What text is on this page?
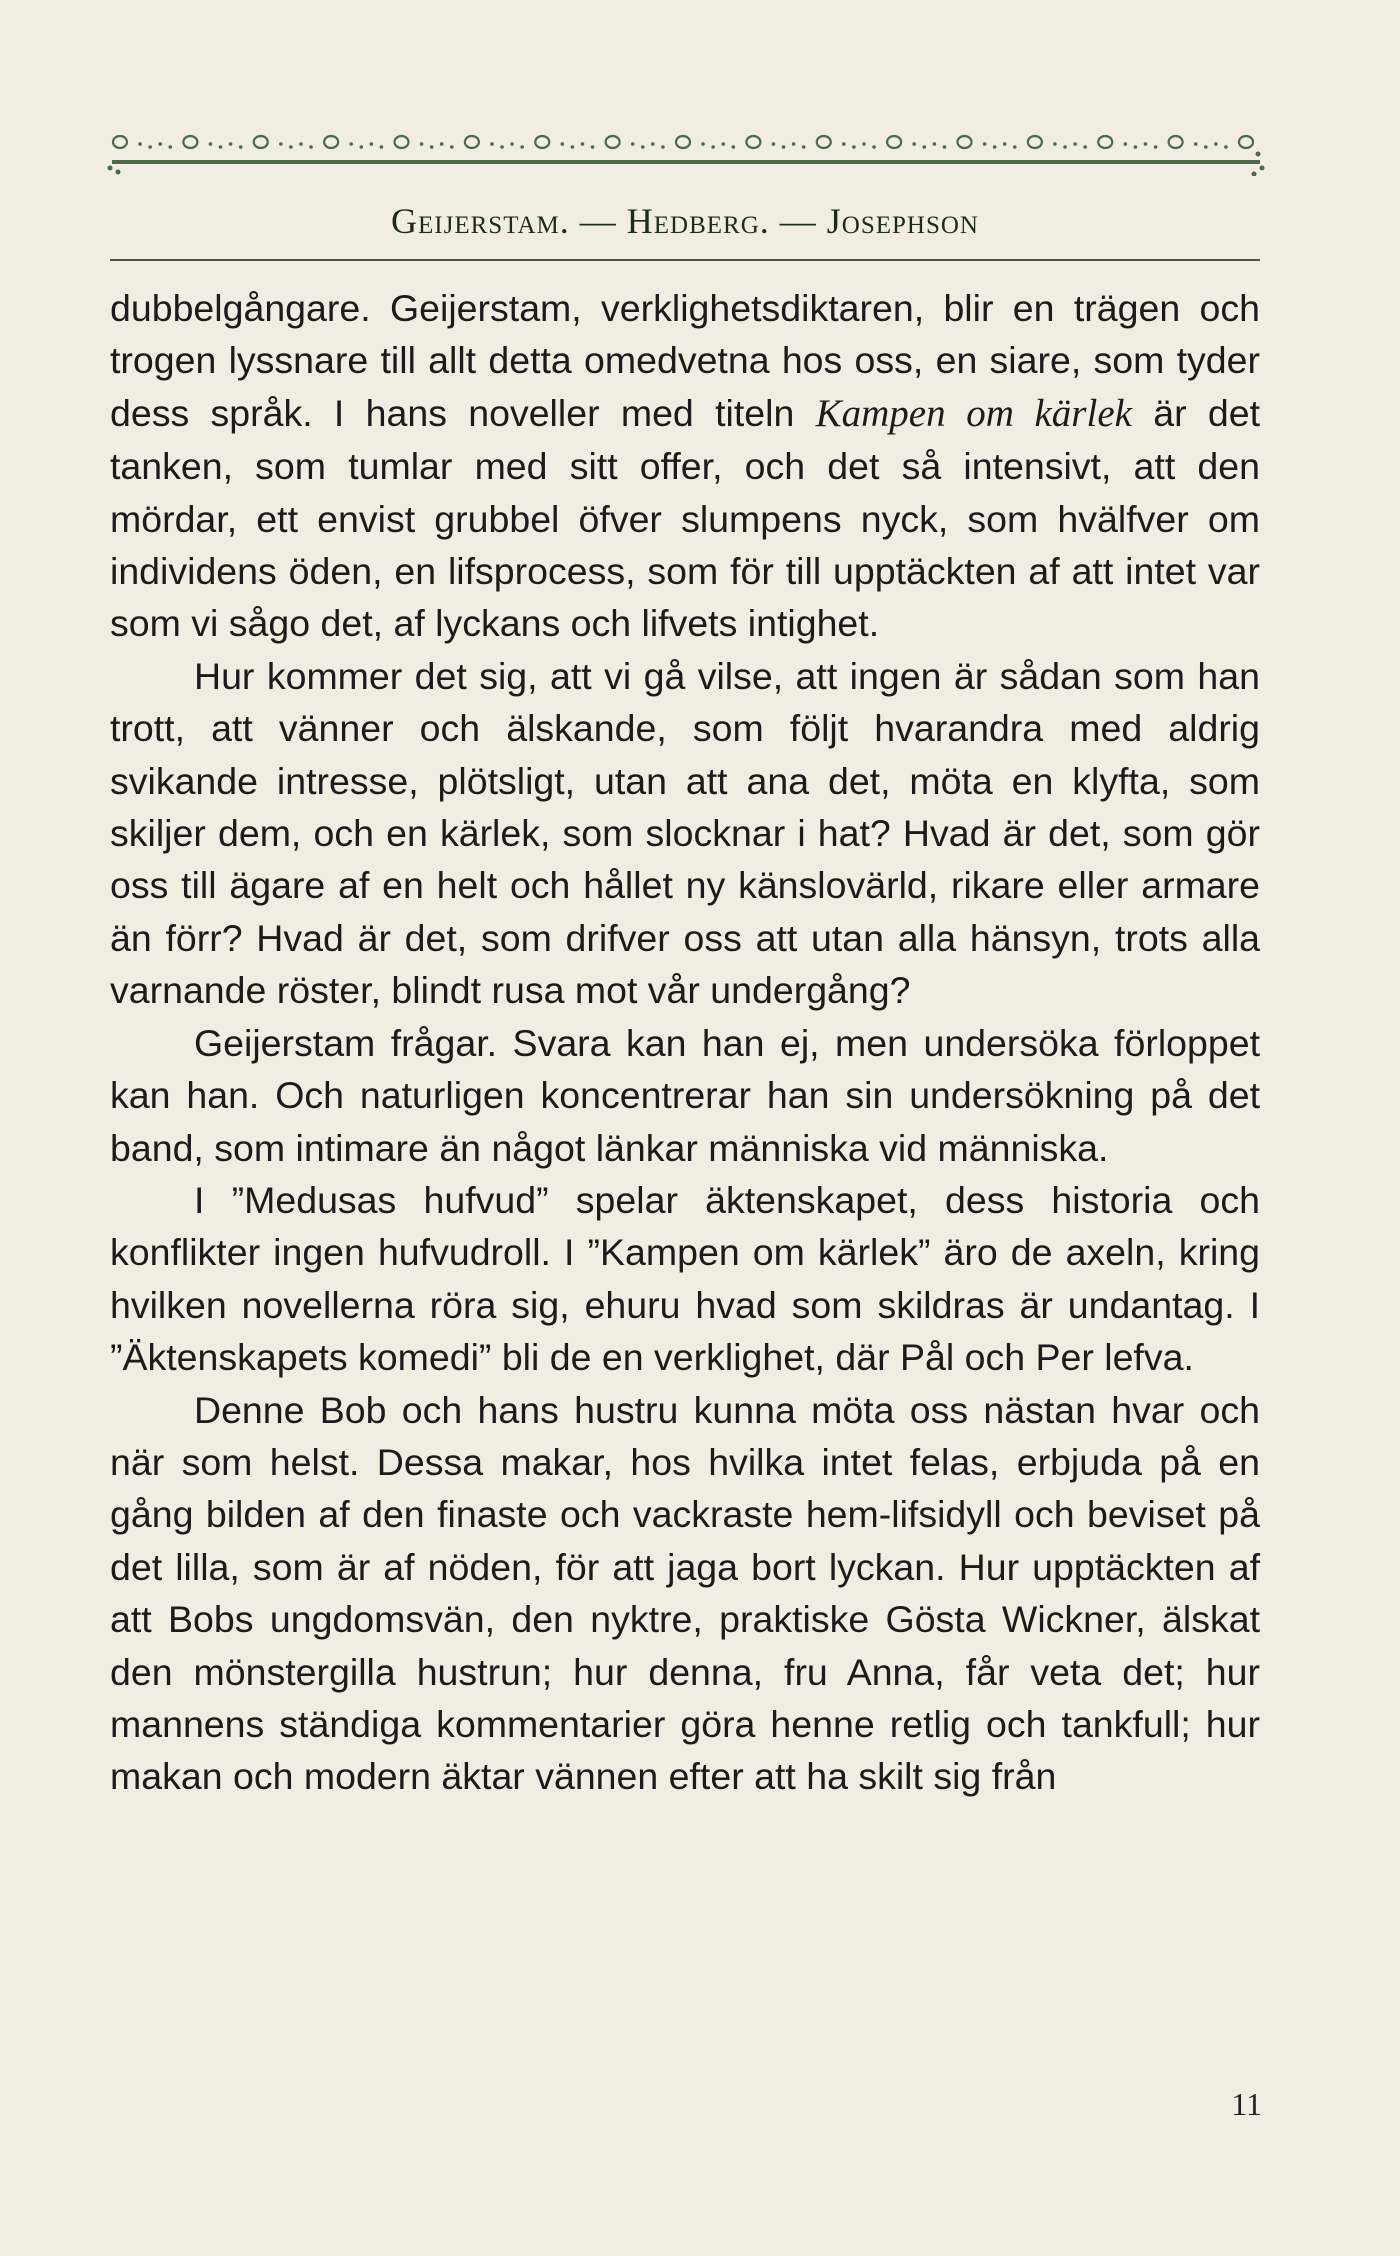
Geijerstam. — Hedberg. — Josephson

dubbelgångare. Geijerstam, verklighetsdiktaren, blir en trägen och trogen lyssnare till allt detta omedvetna hos oss, en siare, som tyder dess språk. I hans noveller med titeln Kampen om kärlek är det tanken, som tumlar med sitt offer, och det så intensivt, att den mördar, ett envist grubbel öfver slumpens nyck, som hvälfver om individens öden, en lifsprocess, som för till upptäckten af att intet var som vi sågo det, af lyckans och lifvets intighet.

Hur kommer det sig, att vi gå vilse, att ingen är sådan som han trott, att vänner och älskande, som följt hvarandra med aldrig svikande intresse, plötsligt, utan att ana det, möta en klyfta, som skiljer dem, och en kärlek, som slocknar i hat? Hvad är det, som gör oss till ägare af en helt och hållet ny känslovärld, rikare eller armare än förr? Hvad är det, som drifver oss att utan alla hänsyn, trots alla varnande röster, blindt rusa mot vår undergång?

Geijerstam frågar. Svara kan han ej, men undersöka förloppet kan han. Och naturligen koncentrerar han sin undersökning på det band, som intimare än något länkar människa vid människa.

I ”Medusas hufvud” spelar äktenskapet, dess historia och konflikter ingen hufvudroll. I ”Kampen om kärlek” äro de axeln, kring hvilken novellerna röra sig, ehuru hvad som skildras är undantag. I ”Äktenskapets komedi” bli de en verklighet, där Pål och Per lefva.

Denne Bob och hans hustru kunna möta oss nästan hvar och när som helst. Dessa makar, hos hvilka intet felas, erbjuda på en gång bilden af den finaste och vackraste hem-lifsidyll och beviset på det lilla, som är af nöden, för att jaga bort lyckan. Hur upptäckten af att Bobs ungdomsvän, den nyktre, praktiske Gösta Wickner, älskat den mönstergilla hustrun; hur denna, fru Anna, får veta det; hur mannens ständiga kommentarier göra henne retlig och tankfull; hur makan och modern äktar vännen efter att ha skilt sig från

11
